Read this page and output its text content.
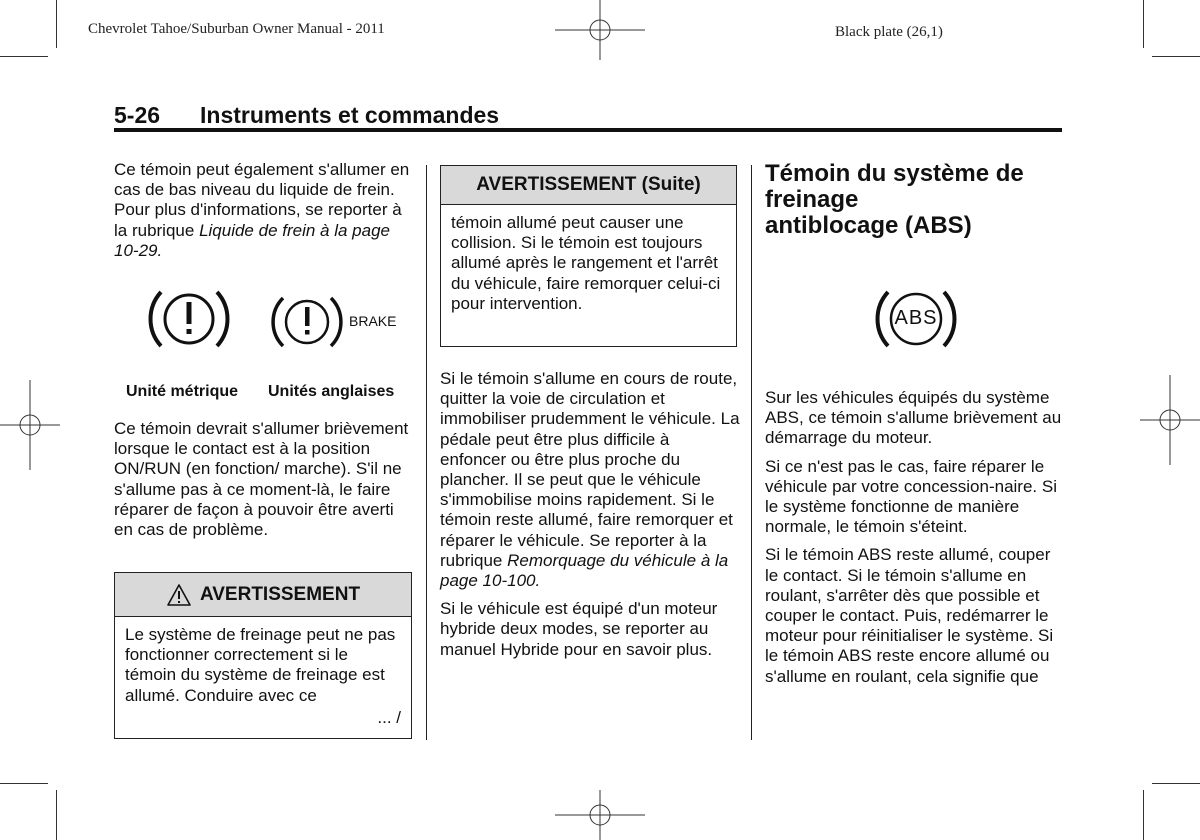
Chevrolet Tahoe/Suburban Owner Manual - 2011	Black plate (26,1)
5-26 Instruments et commandes

Ce témoin peut également s'allumer en cas de bas niveau du liquide de frein. Pour plus d'informations, se reporter à la rubrique Liquide de frein à la page 10-29.

BRAKE
Unité métrique Unités anglaises

Ce témoin devrait s'allumer brièvement lorsque le contact est à la position ON/RUN (en fonction/ marche). S'il ne s'allume pas à ce moment-là, le faire réparer de façon à pouvoir être averti en cas de problème.

AVERTISSEMENT
Le système de freinage peut ne pas fonctionner correctement si le témoin du système de freinage est allumé. Conduire avec ce
... /
AVERTISSEMENT (Suite)
témoin allumé peut causer une collision. Si le témoin est toujours allumé après le rangement et l'arrêt du véhicule, faire remorquer celui-ci pour intervention.

Si le témoin s'allume en cours de route, quitter la voie de circulation et immobiliser prudemment le véhicule. La pédale peut être plus difficile à enfoncer ou être plus proche du plancher. Il se peut que le véhicule s'immobilise moins rapidement. Si le témoin reste allumé, faire remorquer et réparer le véhicule. Se reporter à la rubrique Remorquage du véhicule à la page 10-100.

Si le véhicule est équipé d'un moteur hybride deux modes, se reporter au manuel Hybride pour en savoir plus.

Témoin du système de
freinage
antiblocage (ABS)
ABS

Sur les véhicules équipés du système ABS, ce témoin s'allume brièvement au démarrage du moteur.

Si ce n'est pas le cas, faire réparer le véhicule par votre concession-naire. Si le système fonctionne de manière normale, le témoin s'éteint.

Si le témoin ABS reste allumé, couper le contact. Si le témoin s'allume en roulant, s'arrêter dès que possible et couper le contact. Puis, redémarrer le moteur pour réinitialiser le système. Si le témoin ABS reste encore allumé ou s'allume en roulant, cela signifie que
